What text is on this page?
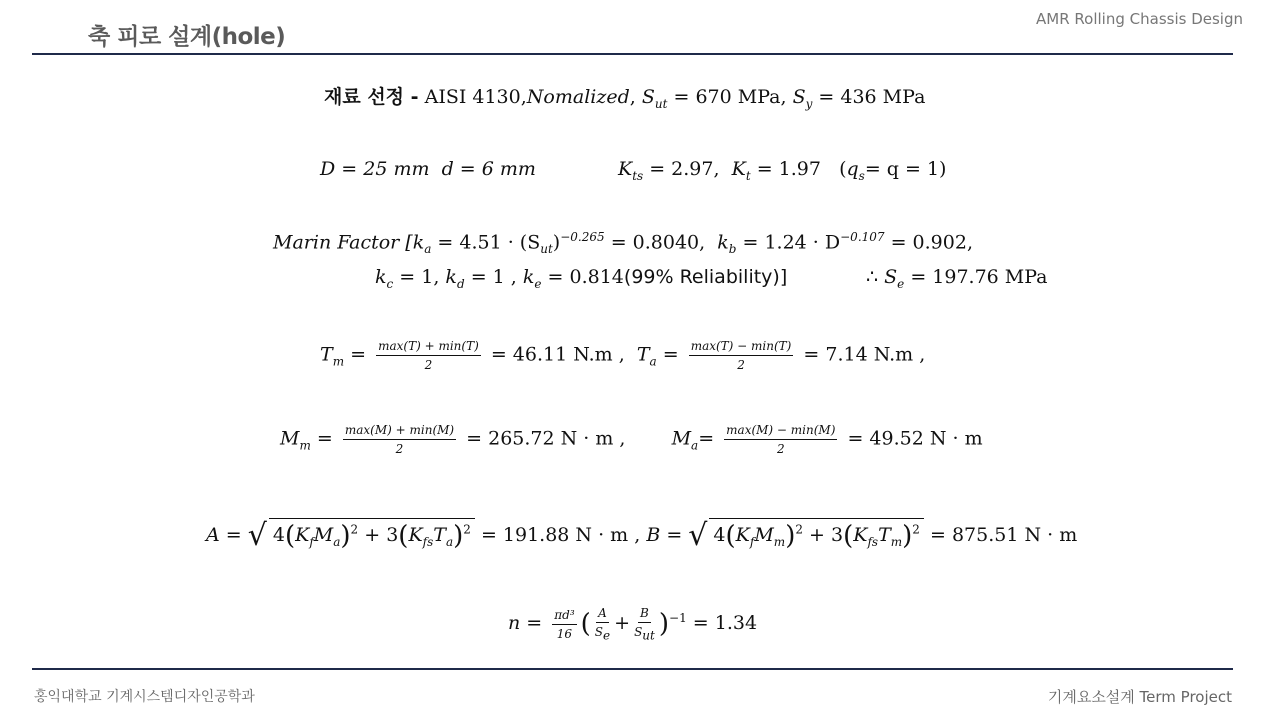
축 피로 설계(hole)
AMR Rolling Chassis Design
재료 선정 - AISI 4130,Nomalized, $S_{ut} = 670$ MPa, $S_y = 436$ MPa
D = 25 mm d = 6 mm	$K_{ts} = 2.97$,  $K_t = 1.97$ $(q_s= q = 1)$
Marin Factor [$k_a = 4.51 \cdot (S_{ut})^{-0.265} = 0.8040$,  $k_b = 1.24 \cdot D^{-0.107} = 0.902$,
$k_c = 1$, $k_d = 1$ , $k_e = 0.814(99\%$ Reliability)]	∴ $S_e = 197.76$ MPa
$T_m = \frac{\max(T) + \min(T)}{2} = 46.11$ N.m ,  $T_a = \frac{\max(T) - \min(T)}{2} = 7.14$ N.m ,
$M_m = \frac{\max(M) + \min(M)}{2} = 265.72$ N · m ,  $M_a= \frac{\max(M) - \min(M)}{2} = 49.52$ N · m
A = √ $4(K_fM_a)^2 + 3(K_{fs}T_a)^2 = 191.88$ N · m , B = √ $4(K_fM_m)^2 + 3(K_{fs}T_m)^2 = 875.51$ N · m
$n = \frac{\text{πd³}}{16}$ ( $\frac{A}{S_e} + \frac{B}{S_{ut}} )^{-1} = 1.34$
홍익대학교 기계시스템디자인공학과	기계요소설계 Term Project
